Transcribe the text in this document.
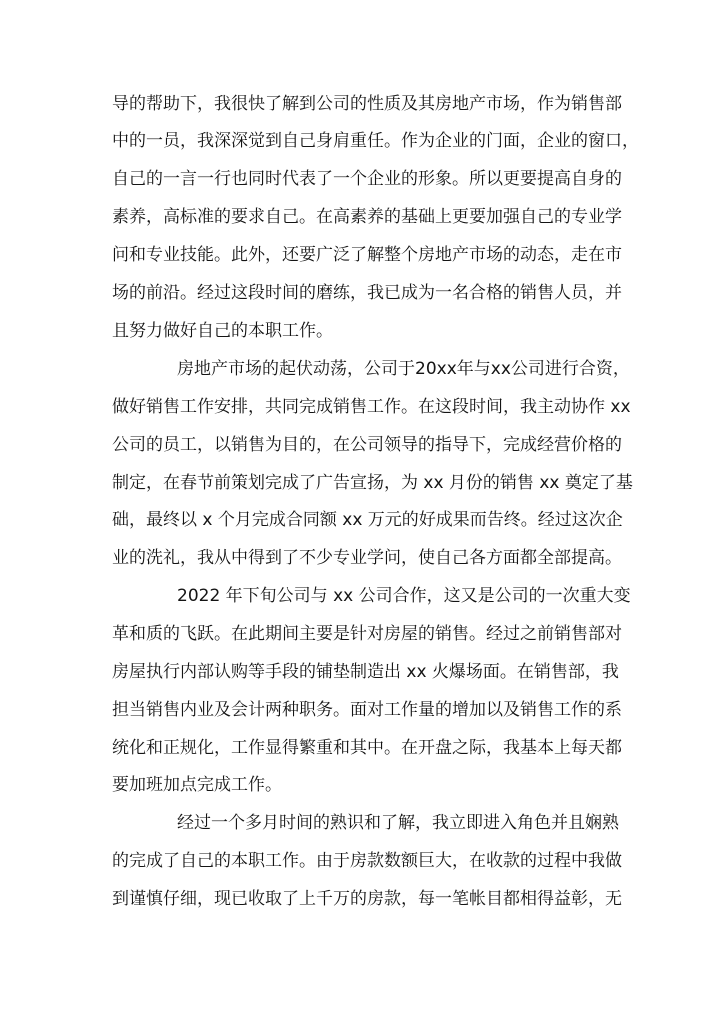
导的帮助下，我很快了解到公司的性质及其房地产市场，作为销售部
中的一员，我深深觉到自己身肩重任。作为企业的门面，企业的窗口，
自己的一言一行也同时代表了一个企业的形象。所以更要提高自身的
素养，高标准的要求自己。在高素养的基础上更要加强自己的专业学
问和专业技能。此外，还要广泛了解整个房地产市场的动态，走在市
场的前沿。经过这段时间的磨练，我已成为一名合格的销售人员，并
且努力做好自己的本职工作。
房地产市场的起伏动荡，公司于20xx年与xx公司进行合资，
做好销售工作安排，共同完成销售工作。在这段时间，我主动协作 xx
公司的员工，以销售为目的，在公司领导的指导下，完成经营价格的
制定，在春节前策划完成了广告宣扬，为 xx 月份的销售 xx 奠定了基
础，最终以 x 个月完成合同额 xx 万元的好成果而告终。经过这次企
业的洗礼，我从中得到了不少专业学问，使自己各方面都全部提高。
2022 年下旬公司与 xx 公司合作，这又是公司的一次重大变
革和质的飞跃。在此期间主要是针对房屋的销售。经过之前销售部对
房屋执行内部认购等手段的铺垫制造出 xx 火爆场面。在销售部，我
担当销售内业及会计两种职务。面对工作量的增加以及销售工作的系
统化和正规化，工作显得繁重和其中。在开盘之际，我基本上每天都
要加班加点完成工作。
经过一个多月时间的熟识和了解，我立即进入角色并且娴熟
的完成了自己的本职工作。由于房款数额巨大，在收款的过程中我做
到谨慎仔细，现已收取了上千万的房款，每一笔帐目都相得益彰，无
